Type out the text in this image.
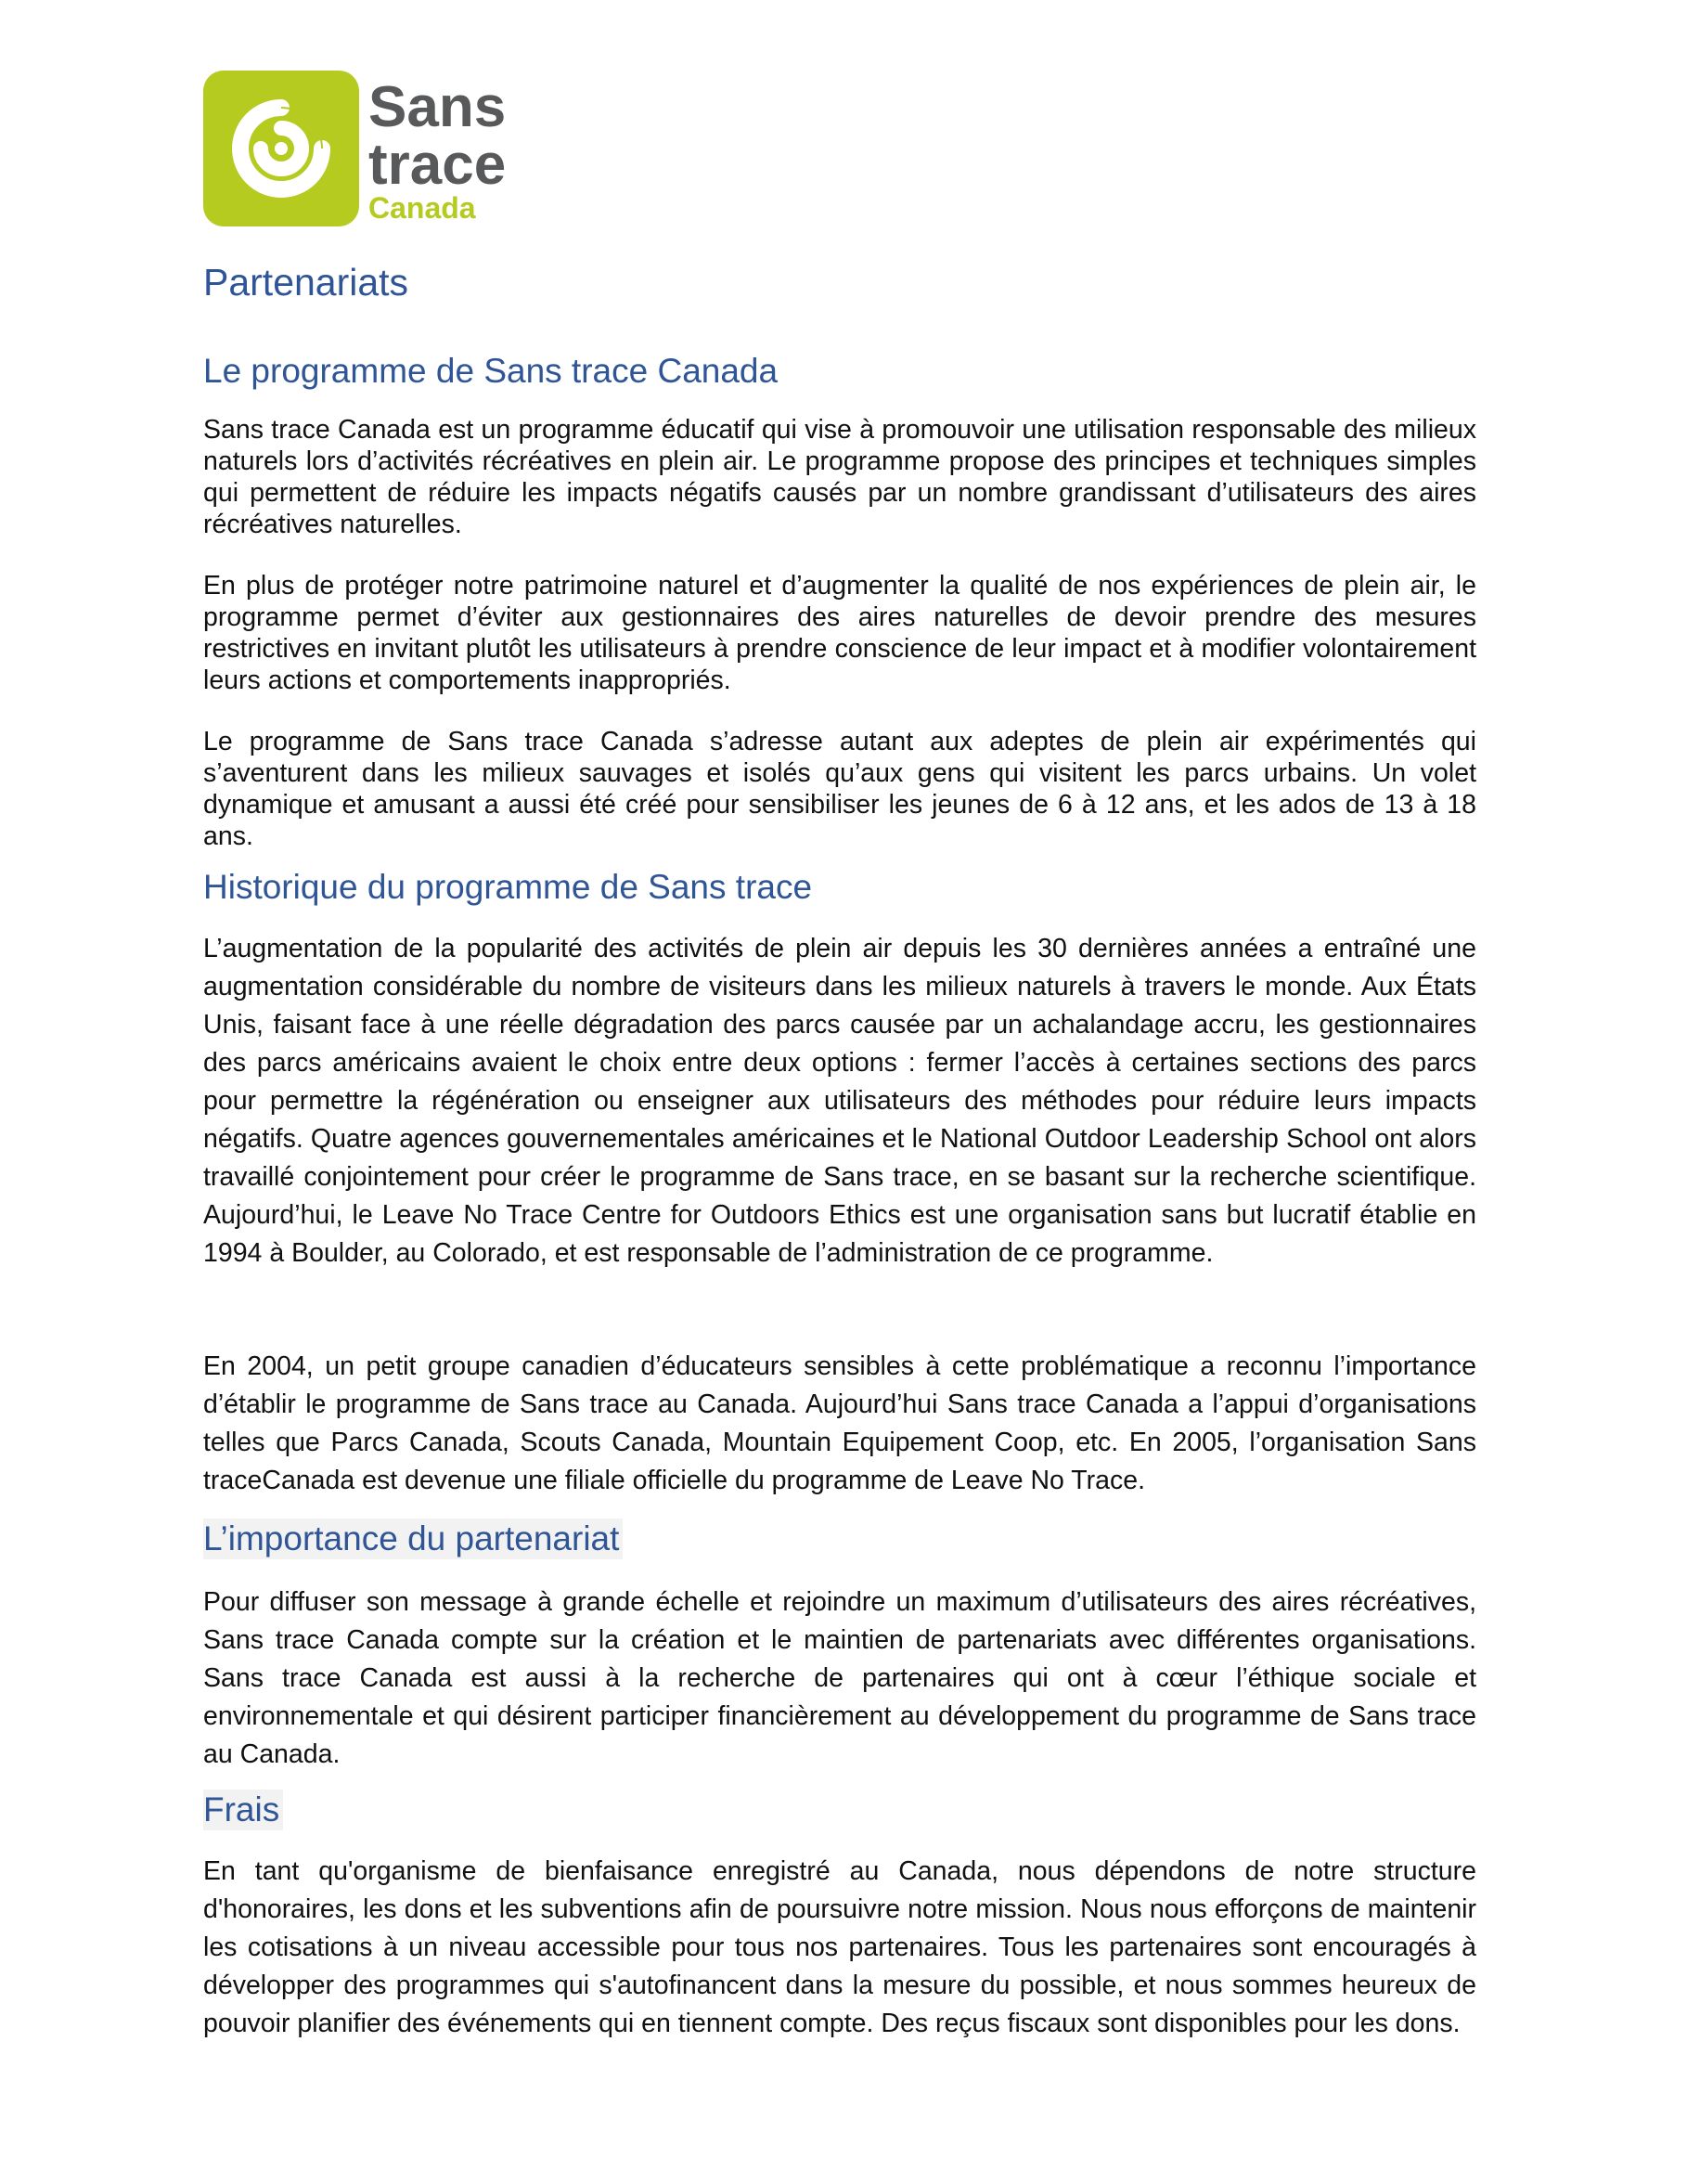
Sans
trace
Canada
Partenariats
Le programme de Sans trace Canada

Sans trace Canada est un programme éducatif qui vise à promouvoir une utilisation responsable des milieux naturels lors d’activités récréatives en plein air. Le programme propose des principes et techniques simples qui permettent de réduire les impacts négatifs causés par un nombre grandissant d’utilisateurs des aires récréatives naturelles.

En plus de protéger notre patrimoine naturel et d’augmenter la qualité de nos expériences de plein air, le programme permet d’éviter aux gestionnaires des aires naturelles de devoir prendre des mesures restrictives en invitant plutôt les utilisateurs à prendre conscience de leur impact et à modifier volontairement leurs actions et comportements inappropriés.

Le programme de Sans trace Canada s’adresse autant aux adeptes de plein air expérimentés qui s’aventurent dans les milieux sauvages et isolés qu’aux gens qui visitent les parcs urbains. Un volet dynamique et amusant a aussi été créé pour sensibiliser les jeunes de 6 à 12 ans, et les ados de 13 à 18 ans.

Historique du programme de Sans trace

L’augmentation de la popularité des activités de plein air depuis les 30 dernières années a entraîné une augmentation considérable du nombre de visiteurs dans les milieux naturels à travers le monde. Aux États Unis, faisant face à une réelle dégradation des parcs causée par un achalandage accru, les gestionnaires des parcs américains avaient le choix entre deux options : fermer l’accès à certaines sections des parcs pour permettre la régénération ou enseigner aux utilisateurs des méthodes pour réduire leurs impacts négatifs. Quatre agences gouvernementales américaines et le National Outdoor Leadership School ont alors travaillé conjointement pour créer le programme de Sans trace, en se basant sur la recherche scientifique. Aujourd’hui, le Leave No Trace Centre for Outdoors Ethics est une organisation sans but lucratif établie en 1994 à Boulder, au Colorado, et est responsable de l’administration de ce programme.

En 2004, un petit groupe canadien d’éducateurs sensibles à cette problématique a reconnu l’importance d’établir le programme de Sans trace au Canada. Aujourd’hui Sans trace Canada a l’appui d’organisations telles que Parcs Canada, Scouts Canada, Mountain Equipement Coop, etc. En 2005, l’organisation Sans traceCanada est devenue une filiale officielle du programme de Leave No Trace.

L’importance du partenariat

Pour diffuser son message à grande échelle et rejoindre un maximum d’utilisateurs des aires récréatives, Sans trace Canada compte sur la création et le maintien de partenariats avec différentes organisations. Sans trace Canada est aussi à la recherche de partenaires qui ont à cœur l’éthique sociale et environnementale et qui désirent participer financièrement au développement du programme de Sans trace au Canada.

Frais

En tant qu'organisme de bienfaisance enregistré au Canada, nous dépendons de notre structure d'honoraires, les dons et les subventions afin de poursuivre notre mission. Nous nous efforçons de maintenir les cotisations à un niveau accessible pour tous nos partenaires. Tous les partenaires sont encouragés à développer des programmes qui s'autofinancent dans la mesure du possible, et nous sommes heureux de pouvoir planifier des événements qui en tiennent compte. Des reçus fiscaux sont disponibles pour les dons.
